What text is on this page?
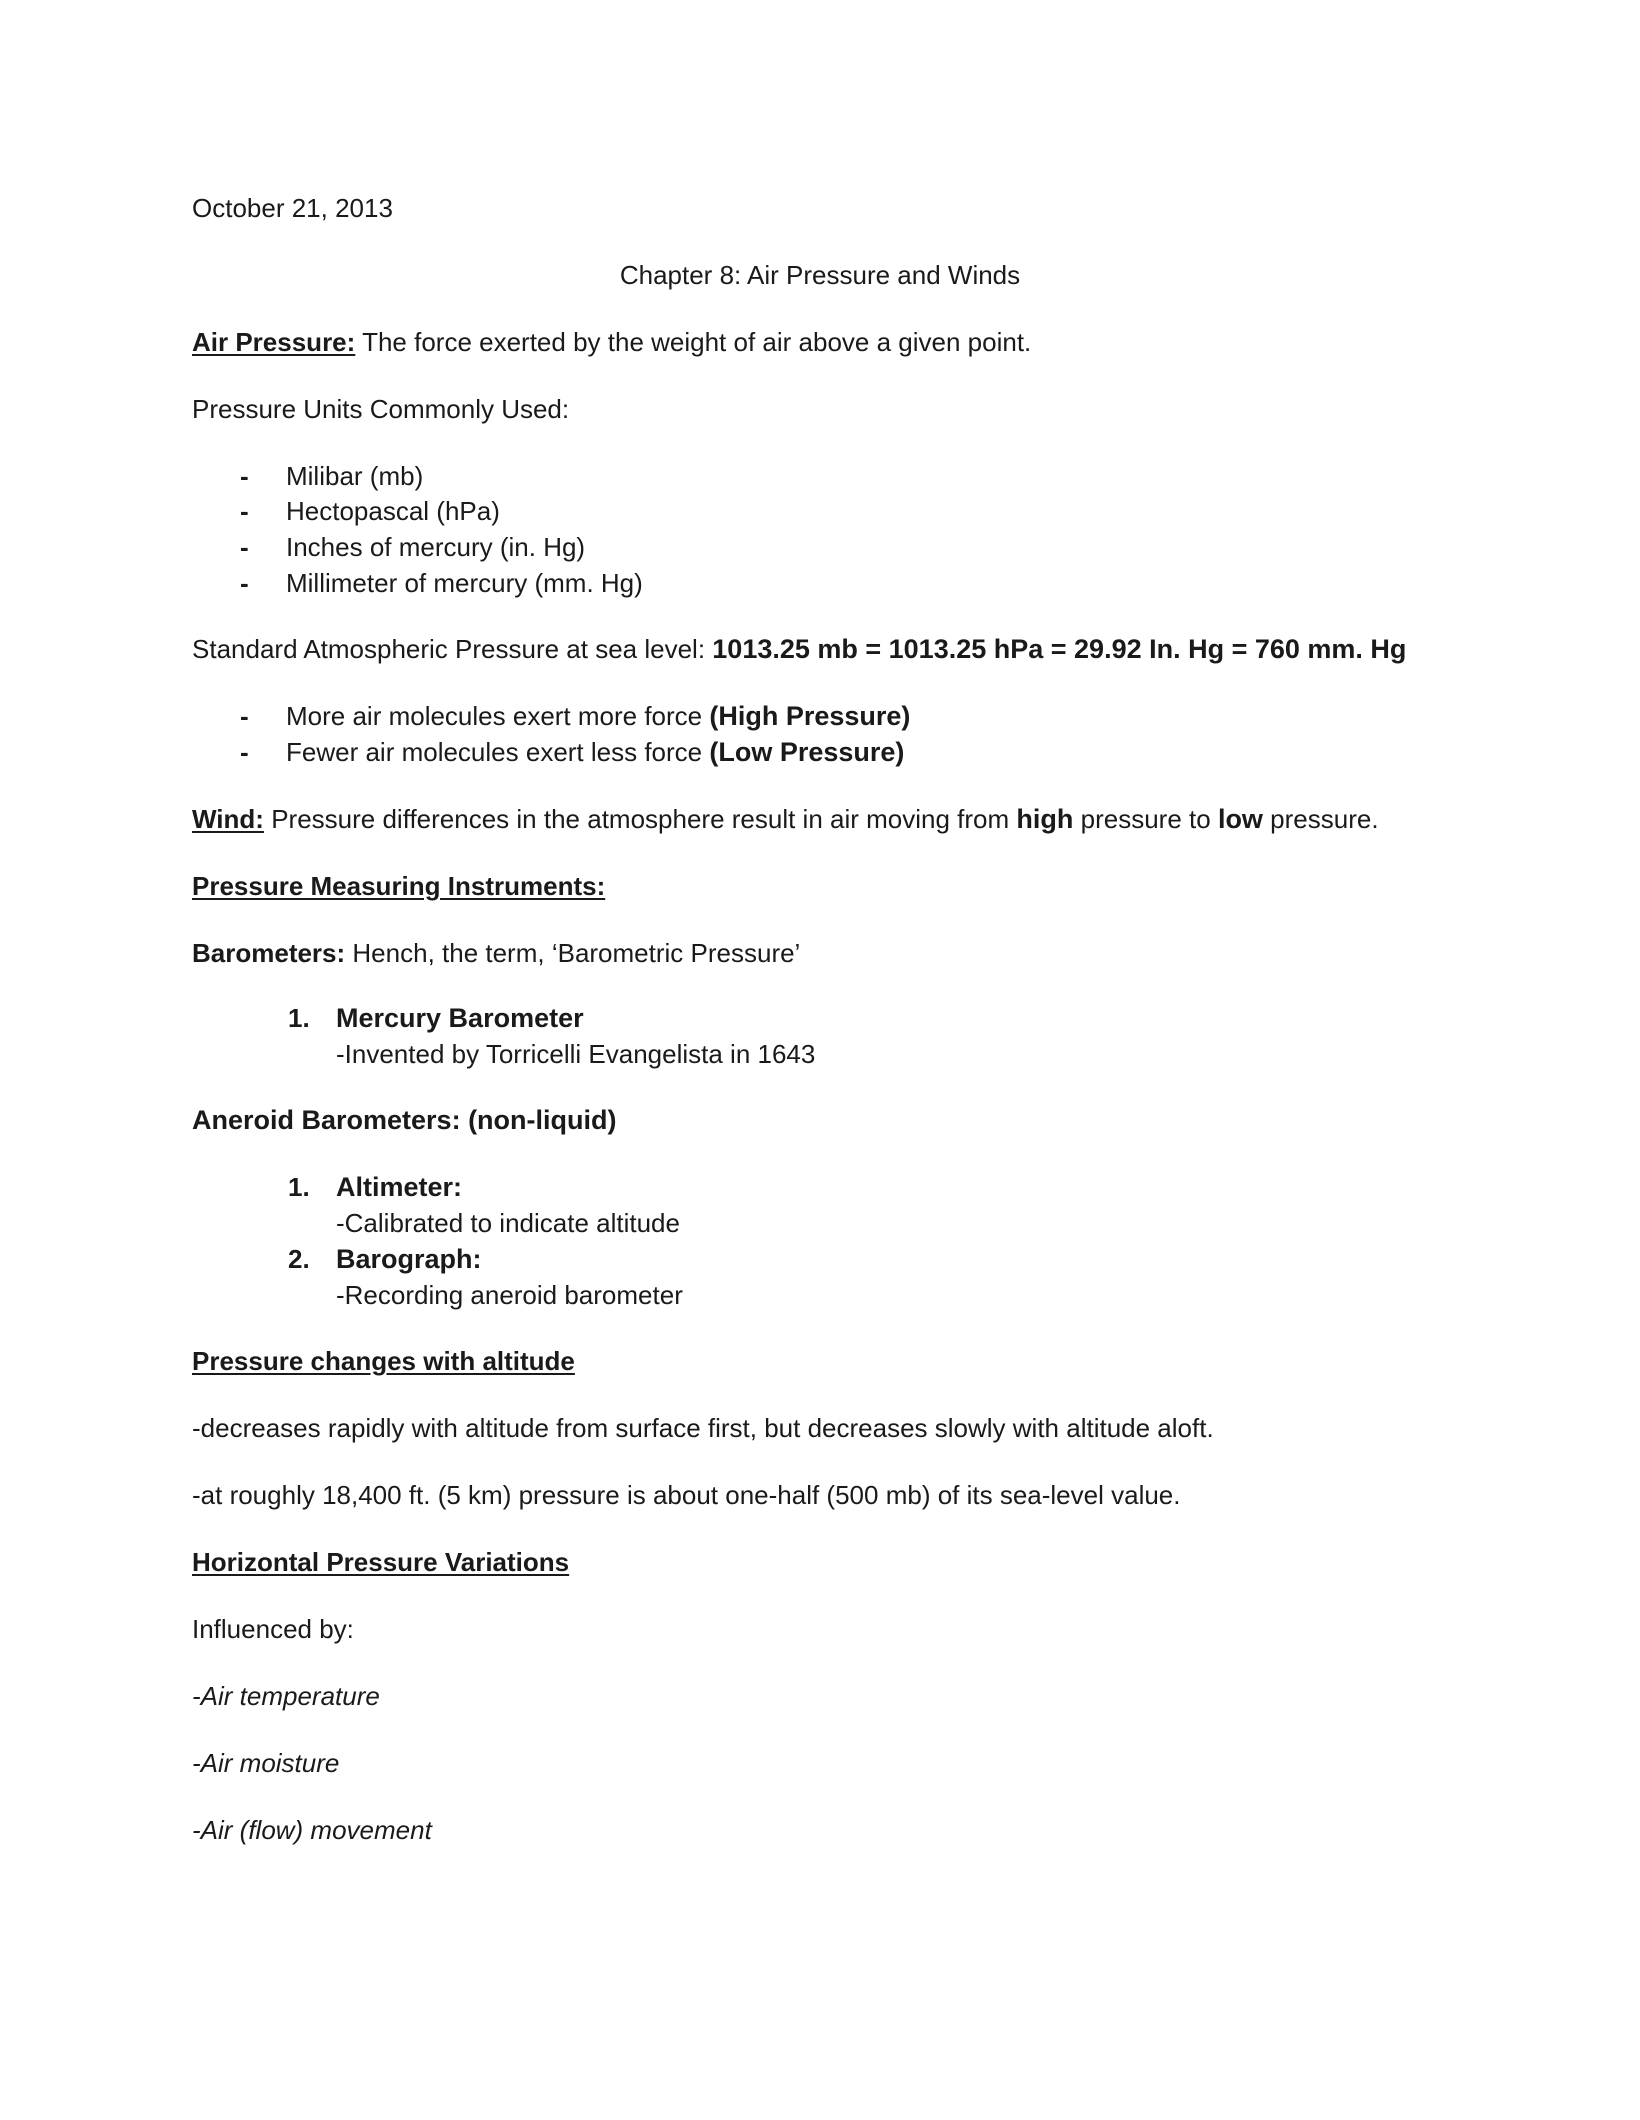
October 21, 2013
Chapter 8: Air Pressure and Winds
Air Pressure: The force exerted by the weight of air above a given point.
Pressure Units Commonly Used:
- Milibar (mb)
- Hectopascal (hPa)
- Inches of mercury (in. Hg)
- Millimeter of mercury (mm. Hg)
Standard Atmospheric Pressure at sea level: 1013.25 mb = 1013.25 hPa = 29.92 In. Hg = 760 mm. Hg
- More air molecules exert more force (High Pressure)
- Fewer air molecules exert less force (Low Pressure)
Wind: Pressure differences in the atmosphere result in air moving from high pressure to low pressure.
Pressure Measuring Instruments:
Barometers: Hench, the term, ‘Barometric Pressure’
1. Mercury Barometer
-Invented by Torricelli Evangelista in 1643
Aneroid Barometers: (non-liquid)
1. Altimeter:
-Calibrated to indicate altitude
2. Barograph:
-Recording aneroid barometer
Pressure changes with altitude
-decreases rapidly with altitude from surface first, but decreases slowly with altitude aloft.
-at roughly 18,400 ft. (5 km) pressure is about one-half (500 mb) of its sea-level value.
Horizontal Pressure Variations
Influenced by:
-Air temperature
-Air moisture
-Air (flow) movement
